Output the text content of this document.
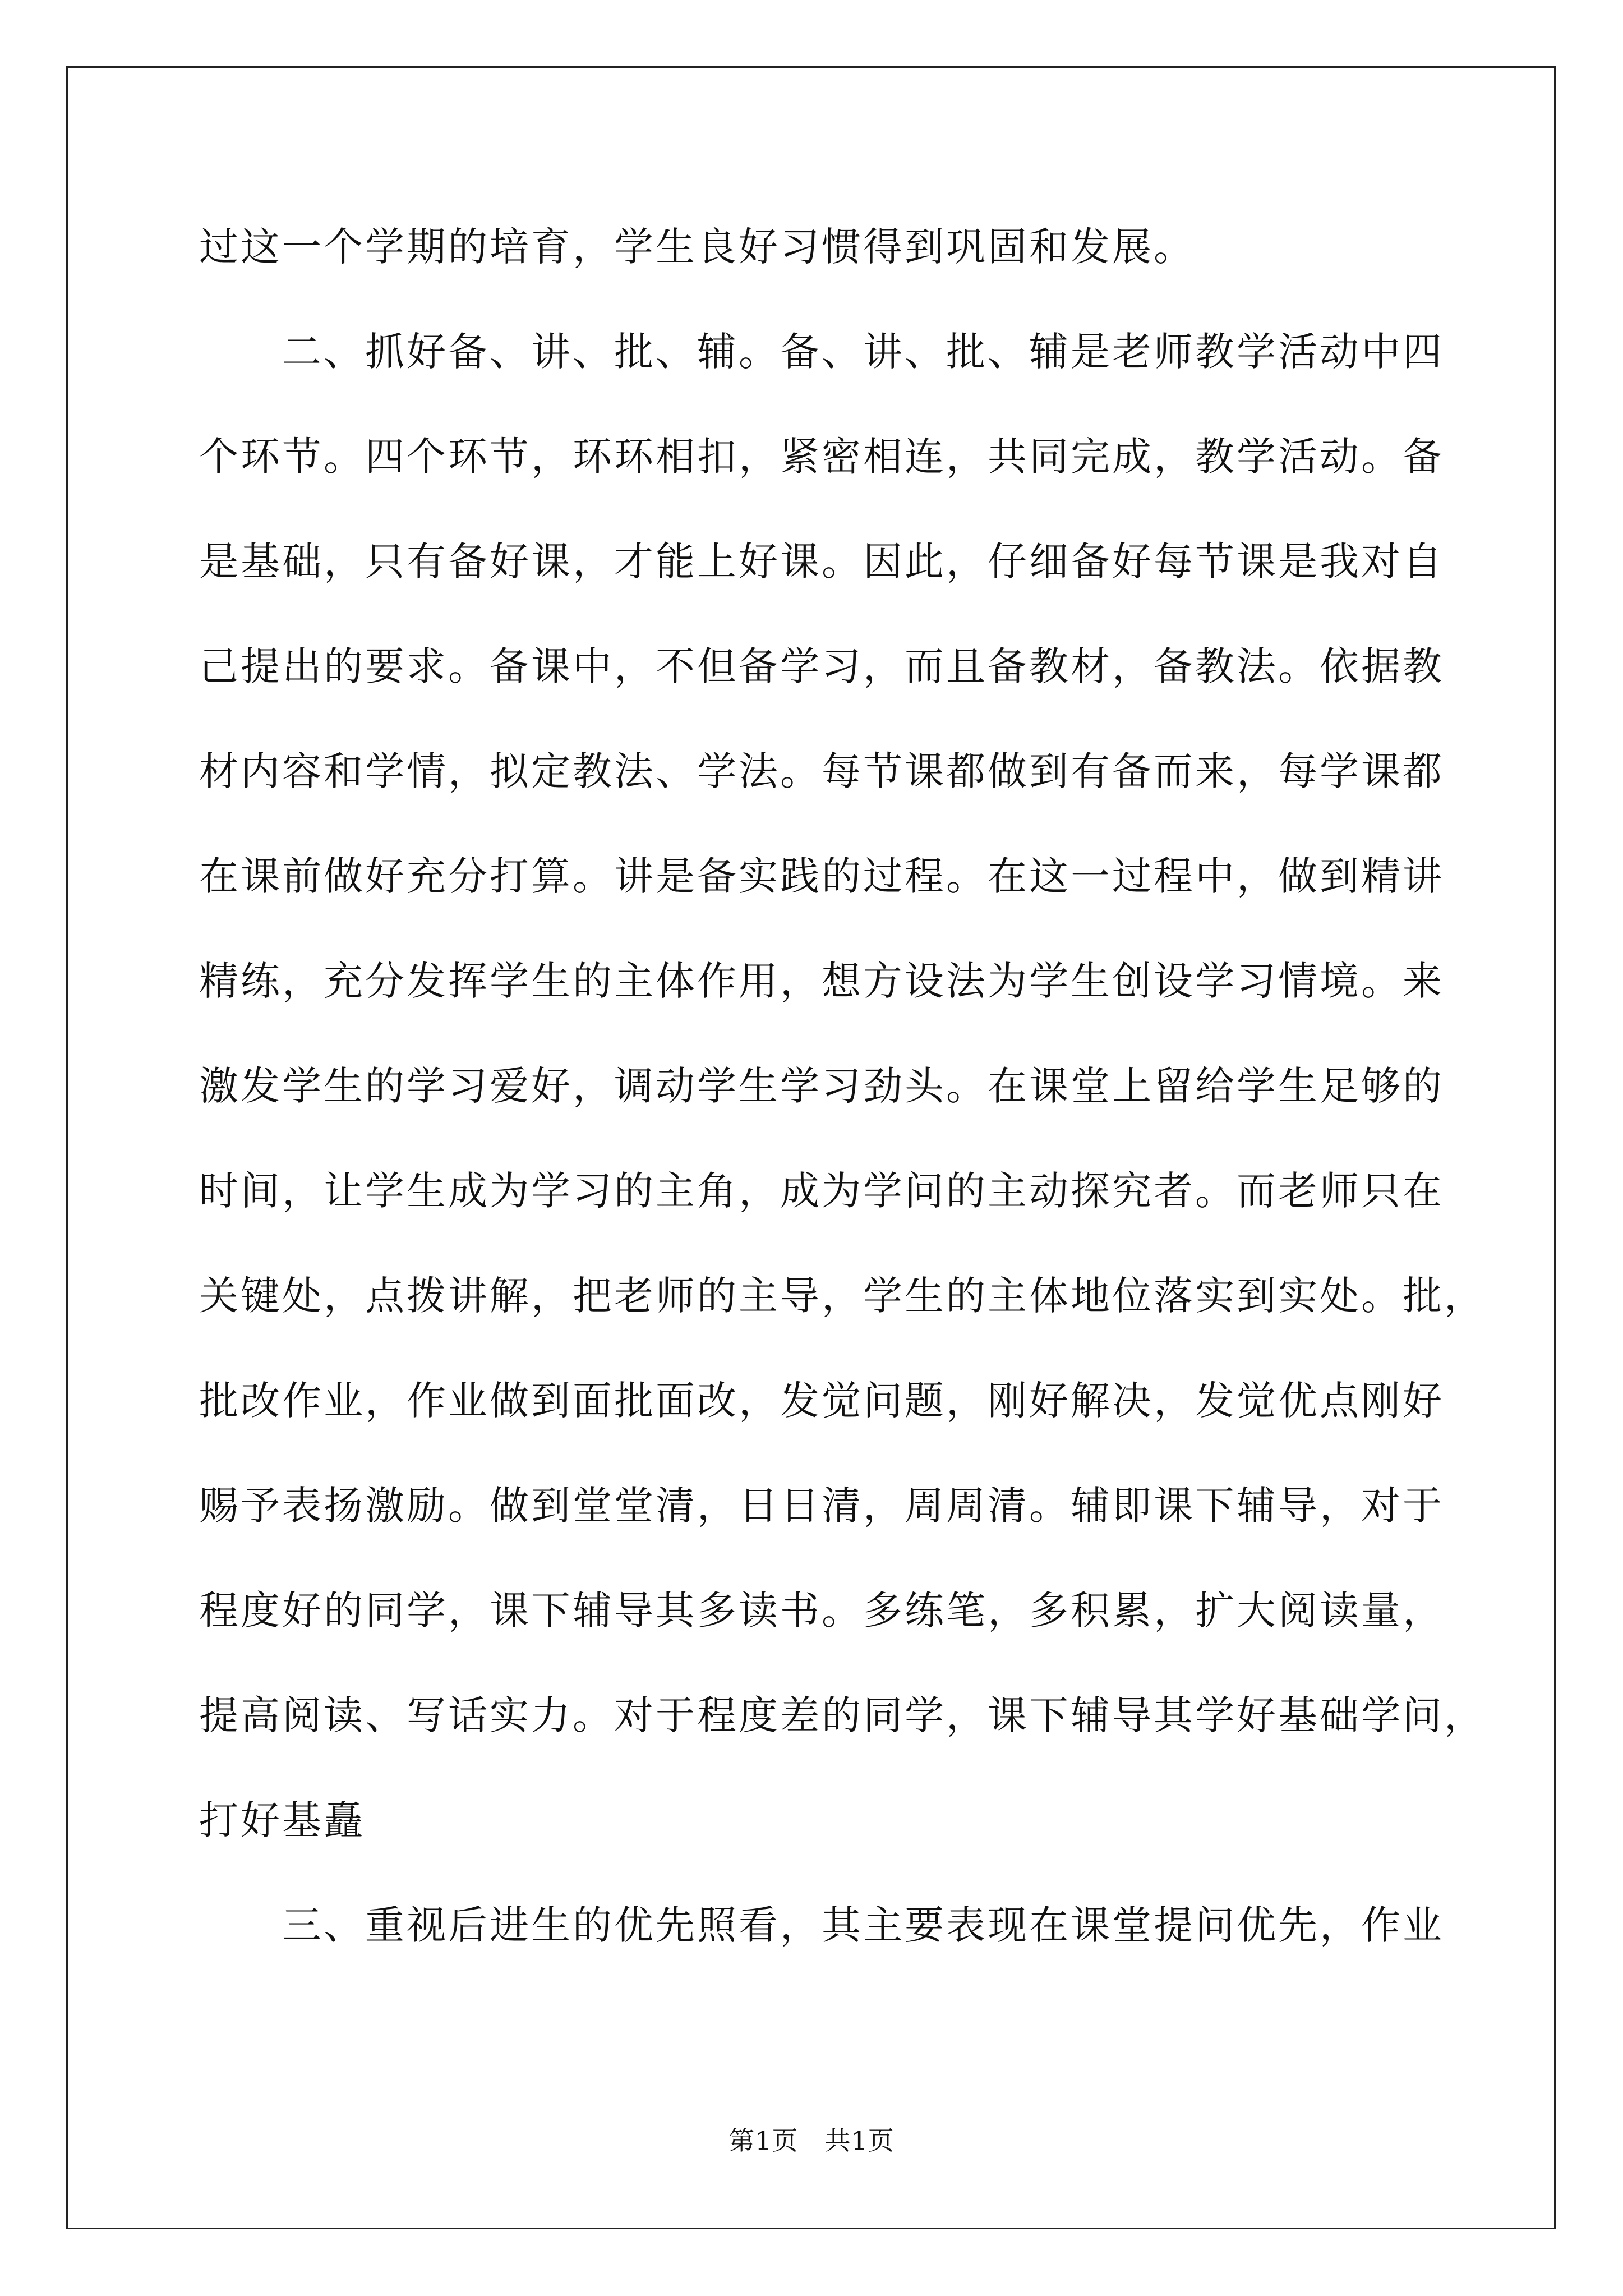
过这一个学期的培育，学生良好习惯得到巩固和发展。
二、抓好备、讲、批、辅。备、讲、批、辅是老师教学活动中四
个环节。四个环节，环环相扣，紧密相连，共同完成，教学活动。备
是基础，只有备好课，才能上好课。因此，仔细备好每节课是我对自
己提出的要求。备课中，不但备学习，而且备教材，备教法。依据教
材内容和学情，拟定教法、学法。每节课都做到有备而来，每学课都
在课前做好充分打算。讲是备实践的过程。在这一过程中，做到精讲
精练，充分发挥学生的主体作用，想方设法为学生创设学习情境。来
激发学生的学习爱好，调动学生学习劲头。在课堂上留给学生足够的
时间，让学生成为学习的主角，成为学问的主动探究者。而老师只在
关键处，点拨讲解，把老师的主导，学生的主体地位落实到实处。批，
批改作业，作业做到面批面改，发觉问题，刚好解决，发觉优点刚好
赐予表扬激励。做到堂堂清，日日清，周周清。辅即课下辅导，对于
程度好的同学，课下辅导其多读书。多练笔，多积累，扩大阅读量，
提高阅读、写话实力。对于程度差的同学，课下辅导其学好基础学问，
打好基矗
三、重视后进生的优先照看，其主要表现在课堂提问优先，作业
第1页 共1页
